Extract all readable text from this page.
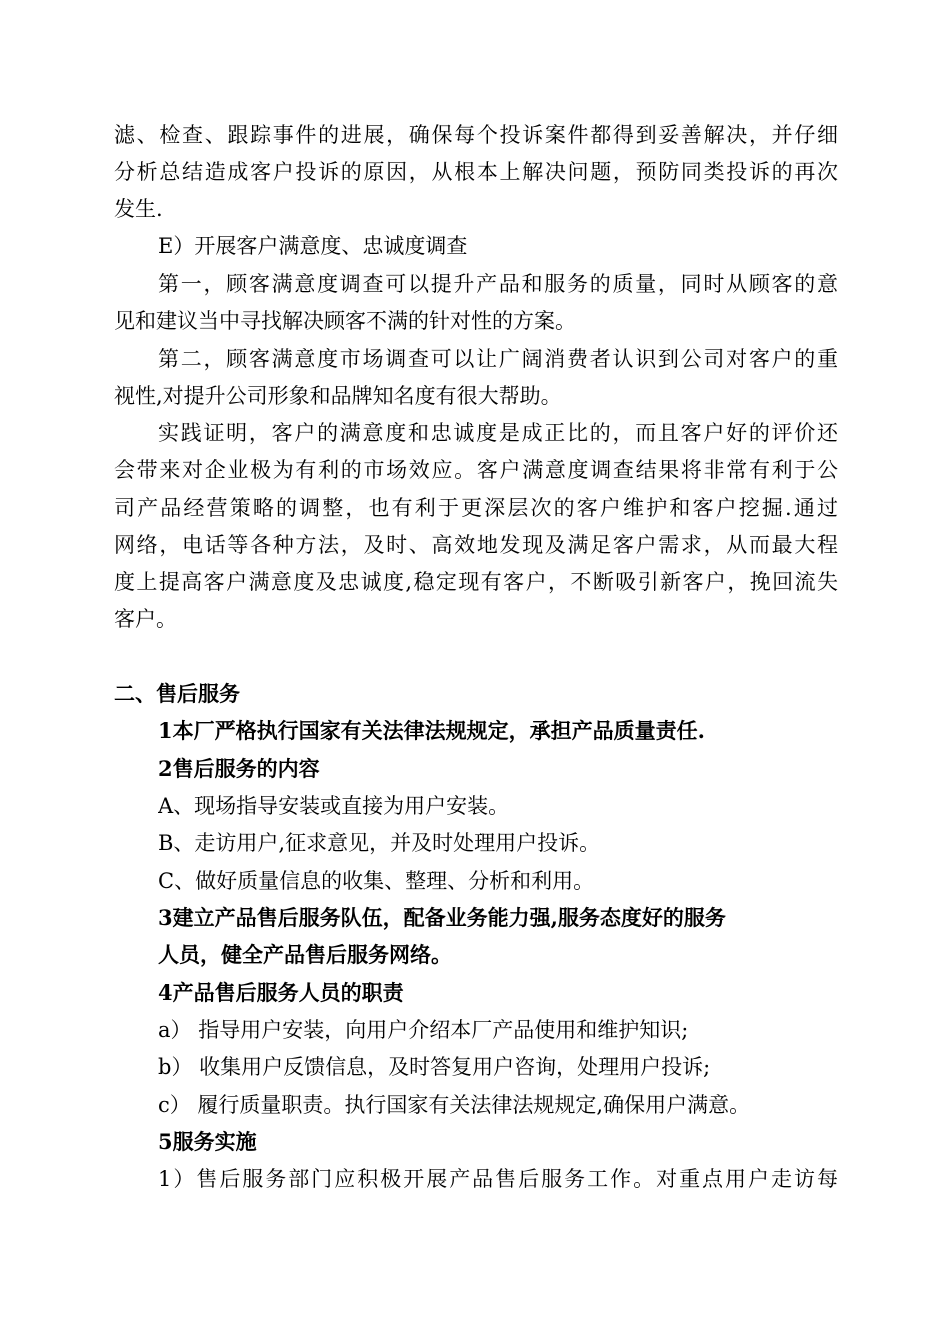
滤、检查、跟踪事件的进展，确保每个投诉案件都得到妥善解决，并仔细
分析总结造成客户投诉的原因，从根本上解决问题，预防同类投诉的再次
发生.
E）开展客户满意度、忠诚度调查
第一，顾客满意度调查可以提升产品和服务的质量，同时从顾客的意
见和建议当中寻找解决顾客不满的针对性的方案。
第二，顾客满意度市场调查可以让广阔消费者认识到公司对客户的重
视性,对提升公司形象和品牌知名度有很大帮助。
实践证明，客户的满意度和忠诚度是成正比的，而且客户好的评价还
会带来对企业极为有利的市场效应。客户满意度调查结果将非常有利于公
司产品经营策略的调整，也有利于更深层次的客户维护和客户挖掘.通过
网络，电话等各种方法，及时、高效地发现及满足客户需求，从而最大程
度上提高客户满意度及忠诚度,稳定现有客户，不断吸引新客户，挽回流失
客户。
二、售后服务
1本厂严格执行国家有关法律法规规定，承担产品质量责任.
2售后服务的内容
A、现场指导安装或直接为用户安装。
B、走访用户,征求意见，并及时处理用户投诉。
C、做好质量信息的收集、整理、分析和利用。
3建立产品售后服务队伍，配备业务能力强,服务态度好的服务
人员，健全产品售后服务网络。
4产品售后服务人员的职责
a） 指导用户安装，向用户介绍本厂产品使用和维护知识;
b） 收集用户反馈信息，及时答复用户咨询，处理用户投诉;
c） 履行质量职责。执行国家有关法律法规规定,确保用户满意。
5服务实施
1）售后服务部门应积极开展产品售后服务工作。对重点用户走访每
